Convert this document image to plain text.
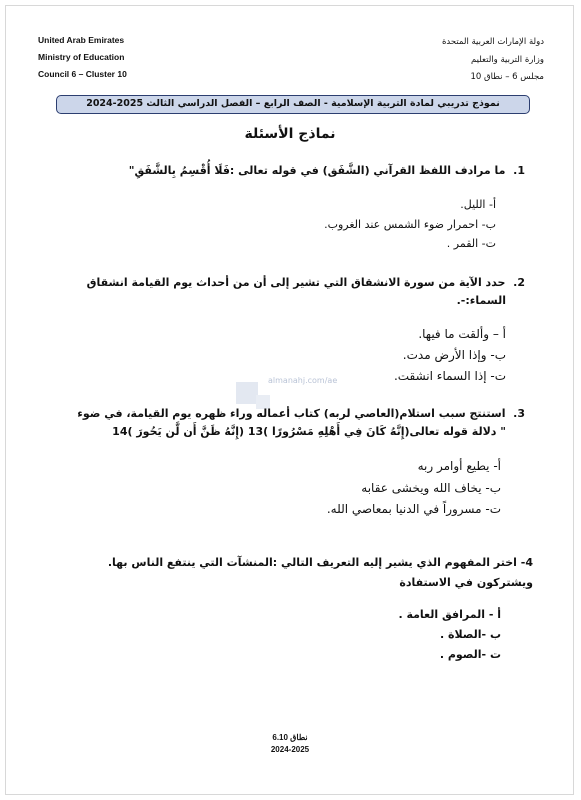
United Arab Emirates
Ministry of Education
Council 6 – Cluster 10
دولة الإمارات العربية المتحدة
وزارة التربية والتعليم
مجلس 6 – نطاق 10
نموذج تدريبي لمادة التربية الإسلامية - الصف الرابع – الفصل الدراسي الثالث 2025-2024
نماذج الأسئلة
1.  ما مرادف اللفظ القرآني (الشَّفَق) في قوله تعالى :فَلَا أُقْسِمُ بِالشَّفَقِ"
أ- الليل.
ب- احمرار ضوء الشمس عند الغروب.
ت- القمر .
2.  حدد الآية من سورة الانشقاق التي تشير إلى أن من أحداث يوم القيامة انشقاق
السماء:-.
أ – وألقت ما فيها.
ب- وإذا الأرض مدت.
ت- إذا السماء انشقت.
almanahj.com/ae
3.  استنتج سبب استلام(العاصي لربه) كتاب أعماله وراء ظهره يوم القيامة، في ضوء
" دلالة قوله تعالى(إِنَّهُ كَانَ فِي أَهْلِهِ مَسْرُورًا )13 (إِنَّهُ ظَنَّ أَن لَّن يَحُورَ )14
أ- يطيع أوامر ربه
ب- يخاف الله ويخشى عقابه
ت- مسروراً في الدنيا بمعاصي الله.
4- اختر المفهوم الذي يشير إليه التعريف التالي :المنشآت التي ينتفع الناس بها.
ويشتركون في الاستفادة
أ - المرافق العامة .
ب -الصلاة .
ت -الصوم .
نطاق 6.10
2024-2025
